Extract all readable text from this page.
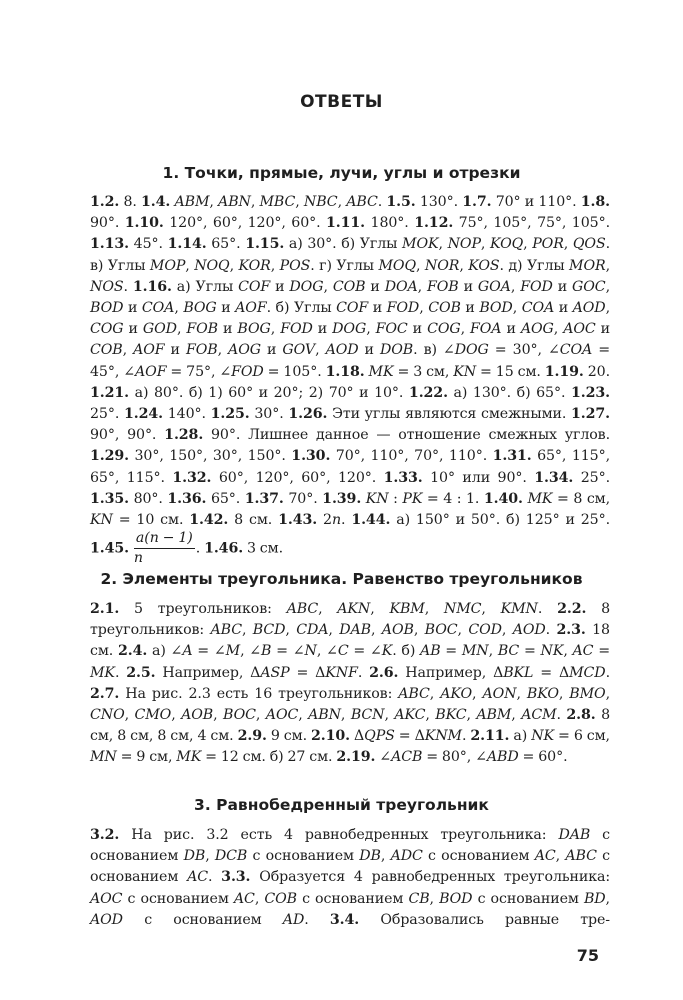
ОТВЕТЫ
1. Точки, прямые, лучи, углы и отрезки
1.2. 8. 1.4. ABM, ABN, MBC, NBC, ABC. 1.5. 130°. 1.7. 70° и 110°. 1.8. 90°. 1.10. 120°, 60°, 120°, 60°. 1.11. 180°. 1.12. 75°, 105°, 75°, 105°. 1.13. 45°. 1.14. 65°. 1.15. а) 30°. б) Углы MOK, NOP, KOQ, POR, QOS. в) Углы MOP, NOQ, KOR, POS. г) Углы MOQ, NOR, KOS. д) Углы MOR, NOS. 1.16. а) Углы COF и DOG, COB и DOA, FOB и GOA, FOD и GOC, BOD и COA, BOG и AOF. б) Углы COF и FOD, COB и BOD, COA и AOD, COG и GOD, FOB и BOG, FOD и DOG, FOC и COG, FOA и AOG, AOC и COB, AOF и FOB, AOG и GOV, AOD и DOB. в) ∠DOG = 30°, ∠COA = 45°, ∠AOF = 75°, ∠FOD = 105°. 1.18. MK = 3 см, KN = 15 см. 1.19. 20. 1.21. а) 80°. б) 1) 60° и 20°; 2) 70° и 10°. 1.22. а) 130°. б) 65°. 1.23. 25°. 1.24. 140°. 1.25. 30°. 1.26. Эти углы являются смежными. 1.27. 90°, 90°. 1.28. 90°. Лишнее данное — отношение смежных углов. 1.29. 30°, 150°, 30°, 150°. 1.30. 70°, 110°, 70°, 110°. 1.31. 65°, 115°, 65°, 115°. 1.32. 60°, 120°, 60°, 120°. 1.33. 10° или 90°. 1.34. 25°. 1.35. 80°. 1.36. 65°. 1.37. 70°. 1.39. KN : PK = 4 : 1. 1.40. MK = 8 см, KN = 10 см. 1.42. 8 см. 1.43. 2n. 1.44. а) 150° и 50°. б) 125° и 25°. 1.45. $\frac{a(n - 1)}{n}$ . 1.46. 3 см.
2. Элементы треугольника. Равенство треугольников
2.1. 5 треугольников: ABC, AKN, KBM, NMC, KMN. 2.2. 8 треугольников: ABC, BCD, CDA, DAB, AOB, BOC, COD, AOD. 2.3. 18 см. 2.4. а) ∠A = ∠M, ∠B = ∠N, ∠C = ∠K. б) AB = MN, BC = NK, AC = MK. 2.5. Например, ΔASP = ΔKNF. 2.6. Например, ΔBKL = ΔMCD. 2.7. На рис. 2.3 есть 16 треугольников: ABC, AKO, AON, BKO, BMO, CNO, CMO, AOB, BOC, AOC, ABN, BCN, AKC, BKC, ABM, ACM. 2.8. 8 см, 8 см, 8 см, 4 см. 2.9. 9 см. 2.10. ΔQPS = ΔKNM. 2.11. а) NK = 6 см, MN = 9 см, MK = 12 см. б) 27 см. 2.19. ∠ACB = 80°, ∠ABD = 60°.
3. Равнобедренный треугольник
3.2. На рис. 3.2 есть 4 равнобедренных треугольника: DAB с основанием DB, DCB с основанием DB, ADC с основанием AC, ABC с основанием AC. 3.3. Образуется 4 равнобедренных треугольника: AOC с основанием AC, COB с основанием CB, BOD с основанием BD, AOD с основанием AD. 3.4. Образовались равные тре-
75
